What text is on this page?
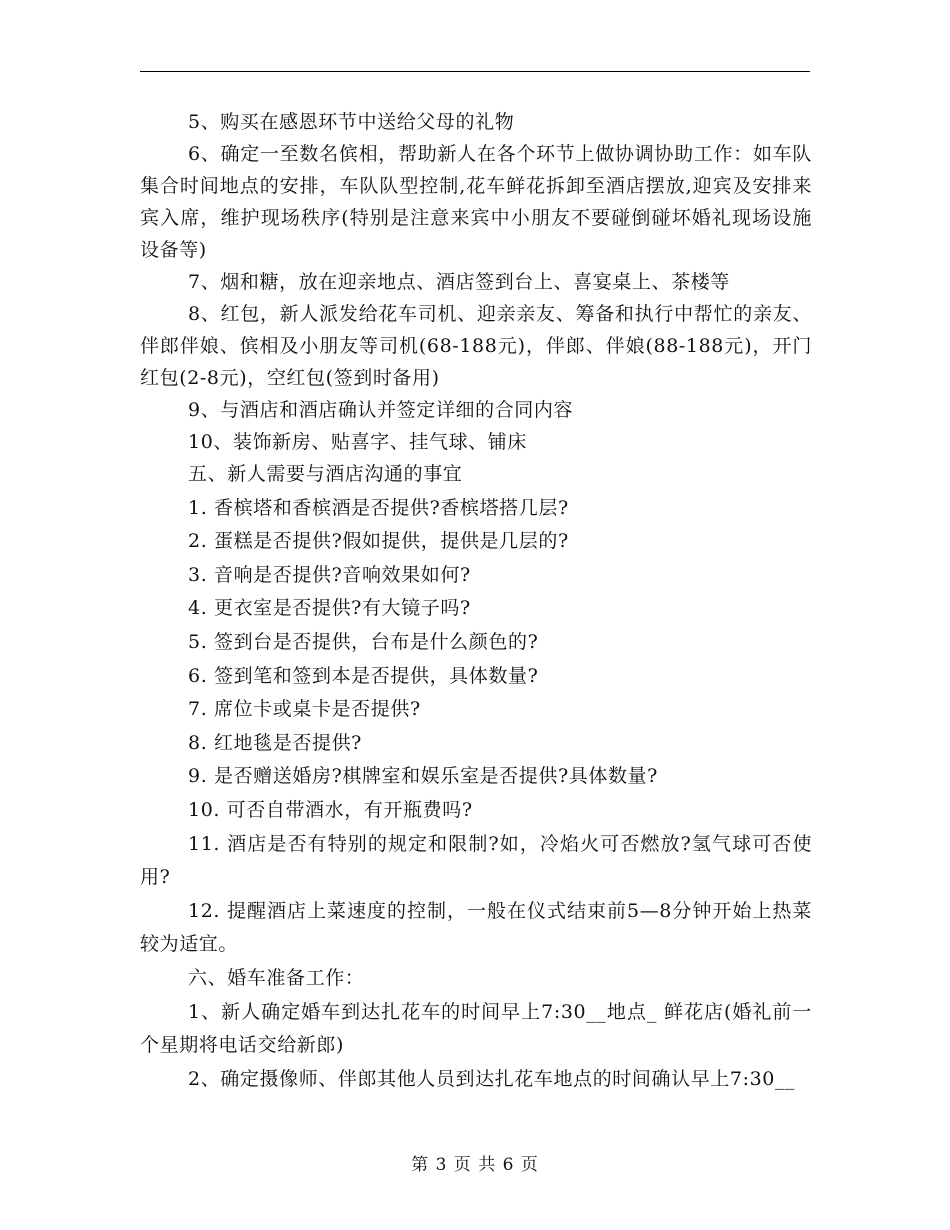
5、购买在感恩环节中送给父母的礼物

6、确定一至数名傧相，帮助新人在各个环节上做协调协助工作：如车队集合时间地点的安排，车队队型控制,花车鲜花拆卸至酒店摆放,迎宾及安排来宾入席，维护现场秩序(特别是注意来宾中小朋友不要碰倒碰坏婚礼现场设施设备等)

7、烟和糖，放在迎亲地点、酒店签到台上、喜宴桌上、茶楼等

8、红包，新人派发给花车司机、迎亲亲友、筹备和执行中帮忙的亲友、伴郎伴娘、傧相及小朋友等司机(68-188元)，伴郎、伴娘(88-188元)，开门红包(2-8元)，空红包(签到时备用)

9、与酒店和酒店确认并签定详细的合同内容

10、装饰新房、贴喜字、挂气球、铺床

五、新人需要与酒店沟通的事宜

1. 香槟塔和香槟酒是否提供?香槟塔搭几层?

2. 蛋糕是否提供?假如提供，提供是几层的?

3. 音响是否提供?音响效果如何?

4. 更衣室是否提供?有大镜子吗?

5. 签到台是否提供，台布是什么颜色的?

6. 签到笔和签到本是否提供，具体数量?

7. 席位卡或桌卡是否提供?

8. 红地毯是否提供?

9. 是否赠送婚房?棋牌室和娱乐室是否提供?具体数量?

10. 可否自带酒水，有开瓶费吗?

11. 酒店是否有特别的规定和限制?如，冷焰火可否燃放?氢气球可否使用?

12. 提醒酒店上菜速度的控制，一般在仪式结束前5—8分钟开始上热菜较为适宜。

六、婚车准备工作：

1、新人确定婚车到达扎花车的时间早上7:30__地点_ 鲜花店(婚礼前一个星期将电话交给新郎)

2、确定摄像师、伴郎其他人员到达扎花车地点的时间确认早上7:30__

第 3 页 共 6 页
